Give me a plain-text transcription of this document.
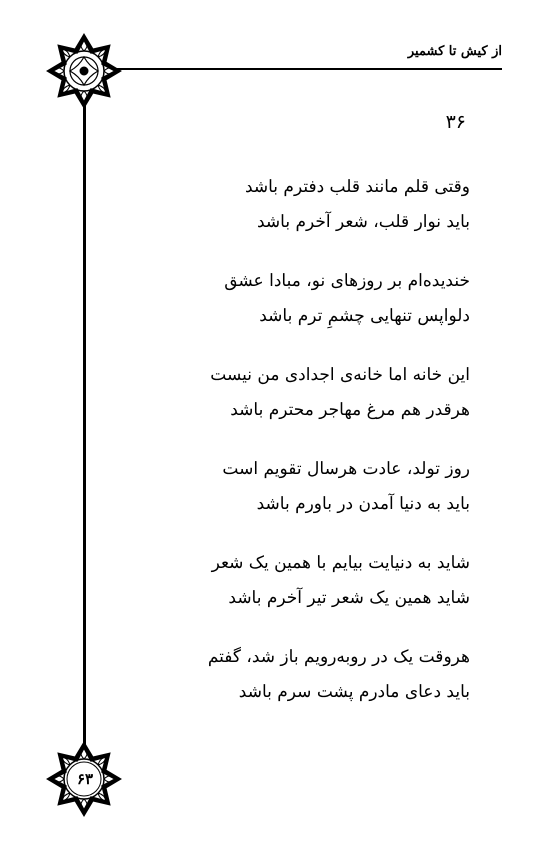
از کیش تا کشمیر
۳۶
وقتی قلم مانند قلب دفترم باشد
باید نوار قلب، شعر آخرم باشد
خندیده‌ام بر روزهای نو، مبادا عشق
دلواپس تنهایی چشمِ ترم باشد
این خانه اما خانه‌ی اجدادی من نیست
هرقدر هم مرغ مهاجر محترم باشد
روز تولد، عادت هرسال تقویم است
باید به دنیا آمدن در باورم باشد
شاید به دنیایت بیایم با همین یک شعر
شاید همین یک شعر تیر آخرم باشد
هروقت یک در روبه‌رویم باز شد، گفتم
باید دعای مادرم پشت سرم باشد
۶۳
